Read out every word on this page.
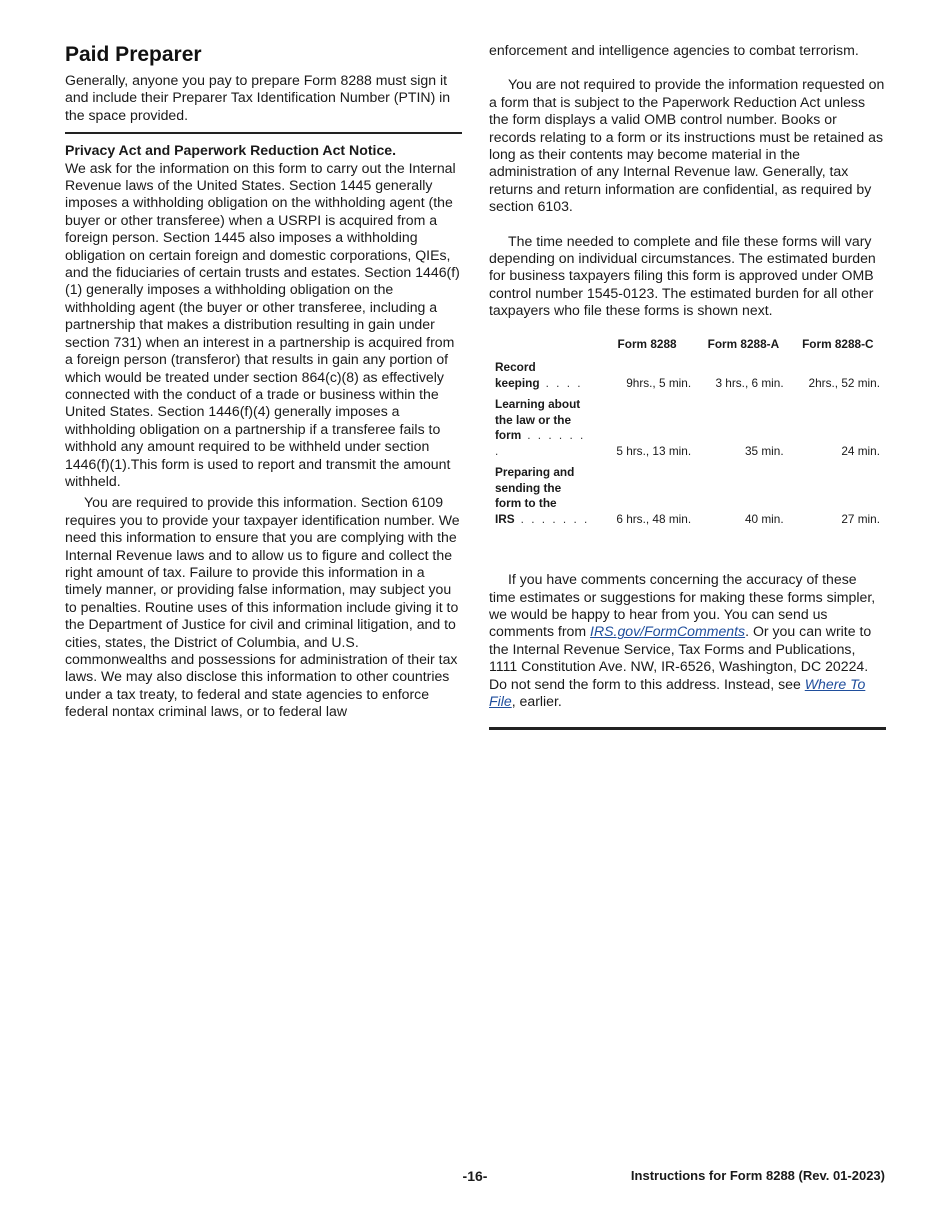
Paid Preparer

Generally, anyone you pay to prepare Form 8288 must sign it and include their Preparer Tax Identification Number (PTIN) in the space provided.

Privacy Act and Paperwork Reduction Act Notice.
We ask for the information on this form to carry out the Internal Revenue laws of the United States. Section 1445 generally imposes a withholding obligation on the withholding agent (the buyer or other transferee) when a USRPI is acquired from a foreign person. Section 1445 also imposes a withholding obligation on certain foreign and domestic corporations, QIEs, and the fiduciaries of certain trusts and estates. Section 1446(f)(1) generally imposes a withholding obligation on the withholding agent (the buyer or other transferee, including a partnership that makes a distribution resulting in gain under section 731) when an interest in a partnership is acquired from a foreign person (transferor) that results in gain any portion of which would be treated under section 864(c)(8) as effectively connected with the conduct of a trade or business within the United States. Section 1446(f)(4) generally imposes a withholding obligation on a partnership if a transferee fails to withhold any amount required to be withheld under section 1446(f)(1).This form is used to report and transmit the amount withheld.

You are required to provide this information. Section 6109 requires you to provide your taxpayer identification number. We need this information to ensure that you are complying with the Internal Revenue laws and to allow us to figure and collect the right amount of tax. Failure to provide this information in a timely manner, or providing false information, may subject you to penalties. Routine uses of this information include giving it to the Department of Justice for civil and criminal litigation, and to cities, states, the District of Columbia, and U.S. commonwealths and possessions for administration of their tax laws. We may also disclose this information to other countries under a tax treaty, to federal and state agencies to enforce federal nontax criminal laws, or to federal law

enforcement and intelligence agencies to combat terrorism.

You are not required to provide the information requested on a form that is subject to the Paperwork Reduction Act unless the form displays a valid OMB control number. Books or records relating to a form or its instructions must be retained as long as their contents may become material in the administration of any Internal Revenue law. Generally, tax returns and return information are confidential, as required by section 6103.

The time needed to complete and file these forms will vary depending on individual circumstances. The estimated burden for business taxpayers filing this form is approved under OMB control number 1545-0123. The estimated burden for all other taxpayers who file these forms is shown next.

	Form 8288	Form 8288-A	Form 8288-C
Record
keeping . . . .	9hrs., 5 min.	3 hrs., 6 min.	2hrs., 52 min.
Learning about
the law or the
form . . . . . . .	5 hrs., 13 min.	35 min.	24 min.
Preparing and
sending the
form to the
IRS . . . . . . .	6 hrs., 48 min.	40 min.	27 min.

If you have comments concerning the accuracy of these time estimates or suggestions for making these forms simpler, we would be happy to hear from you. You can send us comments from IRS.gov/FormComments. Or you can write to the Internal Revenue Service, Tax Forms and Publications, 1111 Constitution Ave. NW, IR-6526, Washington, DC 20224. Do not send the form to this address. Instead, see Where To File, earlier.

-16-	Instructions for Form 8288 (Rev. 01-2023)
